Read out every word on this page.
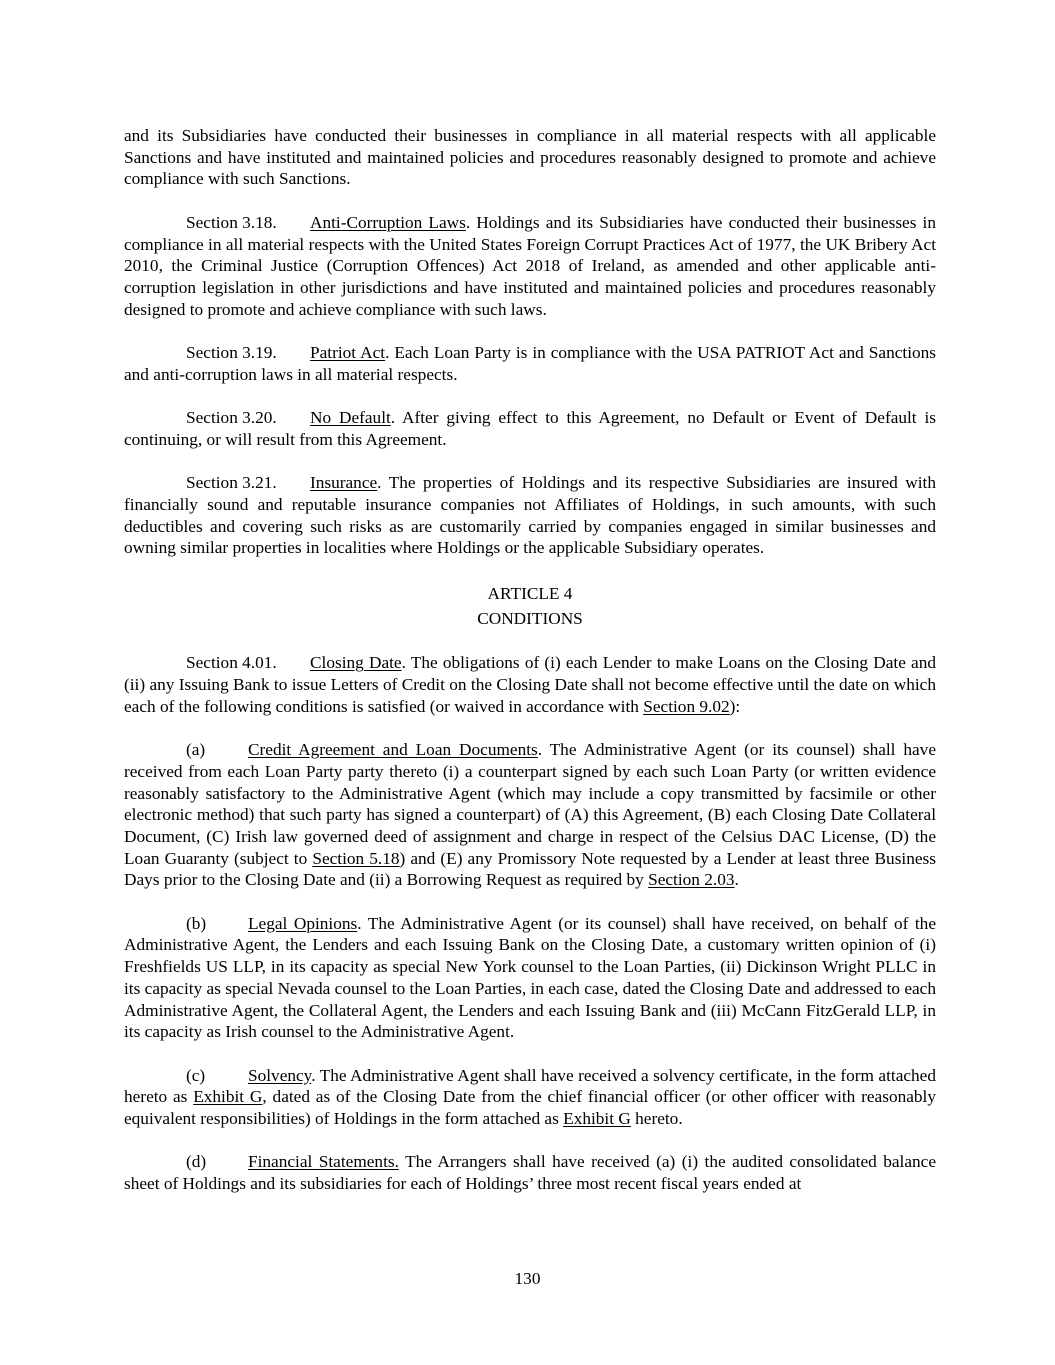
and its Subsidiaries have conducted their businesses in compliance in all material respects with all applicable Sanctions and have instituted and maintained policies and procedures reasonably designed to promote and achieve compliance with such Sanctions.

Section 3.18. Anti-Corruption Laws. Holdings and its Subsidiaries have conducted their businesses in compliance in all material respects with the United States Foreign Corrupt Practices Act of 1977, the UK Bribery Act 2010, the Criminal Justice (Corruption Offences) Act 2018 of Ireland, as amended and other applicable anti-corruption legislation in other jurisdictions and have instituted and maintained policies and procedures reasonably designed to promote and achieve compliance with such laws.

Section 3.19. Patriot Act. Each Loan Party is in compliance with the USA PATRIOT Act and Sanctions and anti-corruption laws in all material respects.

Section 3.20. No Default. After giving effect to this Agreement, no Default or Event of Default is continuing, or will result from this Agreement.

Section 3.21. Insurance. The properties of Holdings and its respective Subsidiaries are insured with financially sound and reputable insurance companies not Affiliates of Holdings, in such amounts, with such deductibles and covering such risks as are customarily carried by companies engaged in similar businesses and owning similar properties in localities where Holdings or the applicable Subsidiary operates.

ARTICLE 4

CONDITIONS

Section 4.01. Closing Date. The obligations of (i) each Lender to make Loans on the Closing Date and (ii) any Issuing Bank to issue Letters of Credit on the Closing Date shall not become effective until the date on which each of the following conditions is satisfied (or waived in accordance with Section 9.02):

(a) Credit Agreement and Loan Documents. The Administrative Agent (or its counsel) shall have received from each Loan Party party thereto (i) a counterpart signed by each such Loan Party (or written evidence reasonably satisfactory to the Administrative Agent (which may include a copy transmitted by facsimile or other electronic method) that such party has signed a counterpart) of (A) this Agreement, (B) each Closing Date Collateral Document, (C) Irish law governed deed of assignment and charge in respect of the Celsius DAC License, (D) the Loan Guaranty (subject to Section 5.18) and (E) any Promissory Note requested by a Lender at least three Business Days prior to the Closing Date and (ii) a Borrowing Request as required by Section 2.03.

(b) Legal Opinions. The Administrative Agent (or its counsel) shall have received, on behalf of the Administrative Agent, the Lenders and each Issuing Bank on the Closing Date, a customary written opinion of (i) Freshfields US LLP, in its capacity as special New York counsel to the Loan Parties, (ii) Dickinson Wright PLLC in its capacity as special Nevada counsel to the Loan Parties, in each case, dated the Closing Date and addressed to each Administrative Agent, the Collateral Agent, the Lenders and each Issuing Bank and (iii) McCann FitzGerald LLP, in its capacity as Irish counsel to the Administrative Agent.

(c) Solvency. The Administrative Agent shall have received a solvency certificate, in the form attached hereto as Exhibit G, dated as of the Closing Date from the chief financial officer (or other officer with reasonably equivalent responsibilities) of Holdings in the form attached as Exhibit G hereto.

(d) Financial Statements. The Arrangers shall have received (a) (i) the audited consolidated balance sheet of Holdings and its subsidiaries for each of Holdings’ three most recent fiscal years ended at

130
